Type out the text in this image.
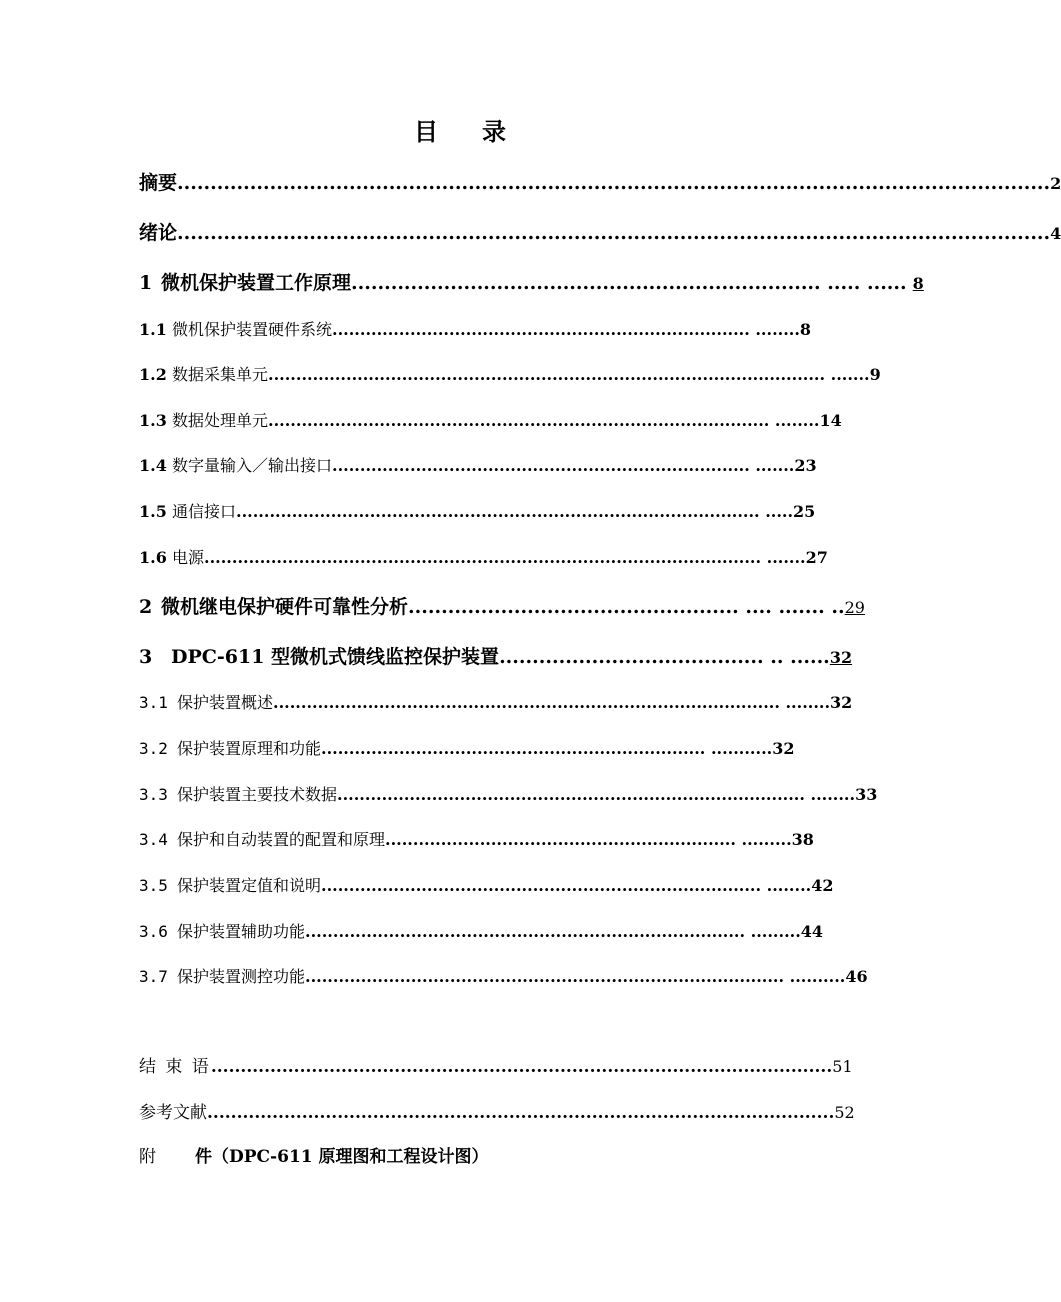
目 录
摘要 .................................................................................................................................... 2
绪论 .................................................................................................................................... 4
1 微机保护装置工作原理 ....................................................................... ..... ...... 8
1.1 微机保护装置硬件系统 ........................................................................... ........ 8
1.2 数据采集单元 .................................................................................................... ....... 9
1.3 数据处理单元 .......................................................................................... ........ 14
1.4 数字量输入／输出接口 ........................................................................... ....... 23
1.5 通信接口 .............................................................................................. ..... 25
1.6 电源 .................................................................................................... ....... 27
2 微机继电保护硬件可靠性分析 .................................................. .... ....... .. 29
3 DPC-611 型微机式馈线监控保护装置 ........................................ .. ...... 32
3.1 保护装置概述 ........................................................................................... ........ 32
3.2 保护装置原理和功能 ..................................................................... ........... 32
3.3 保护装置主要技术数据 .................................................................................... ........ 33
3.4 保护和自动装置的配置和原理 ............................................................... ......... 38
3.5 保护装置定值和说明 ............................................................................... ........ 42
3.6 保护装置辅助功能 ............................................................................... ......... 44
3.7 保护装置测控功能 ...................................................................................... .......... 46
结 束 语 ......................................................................................................... 51
参考文献 .......................................................................................................... 52
附 件（DPC-611 原理图和工程设计图）
